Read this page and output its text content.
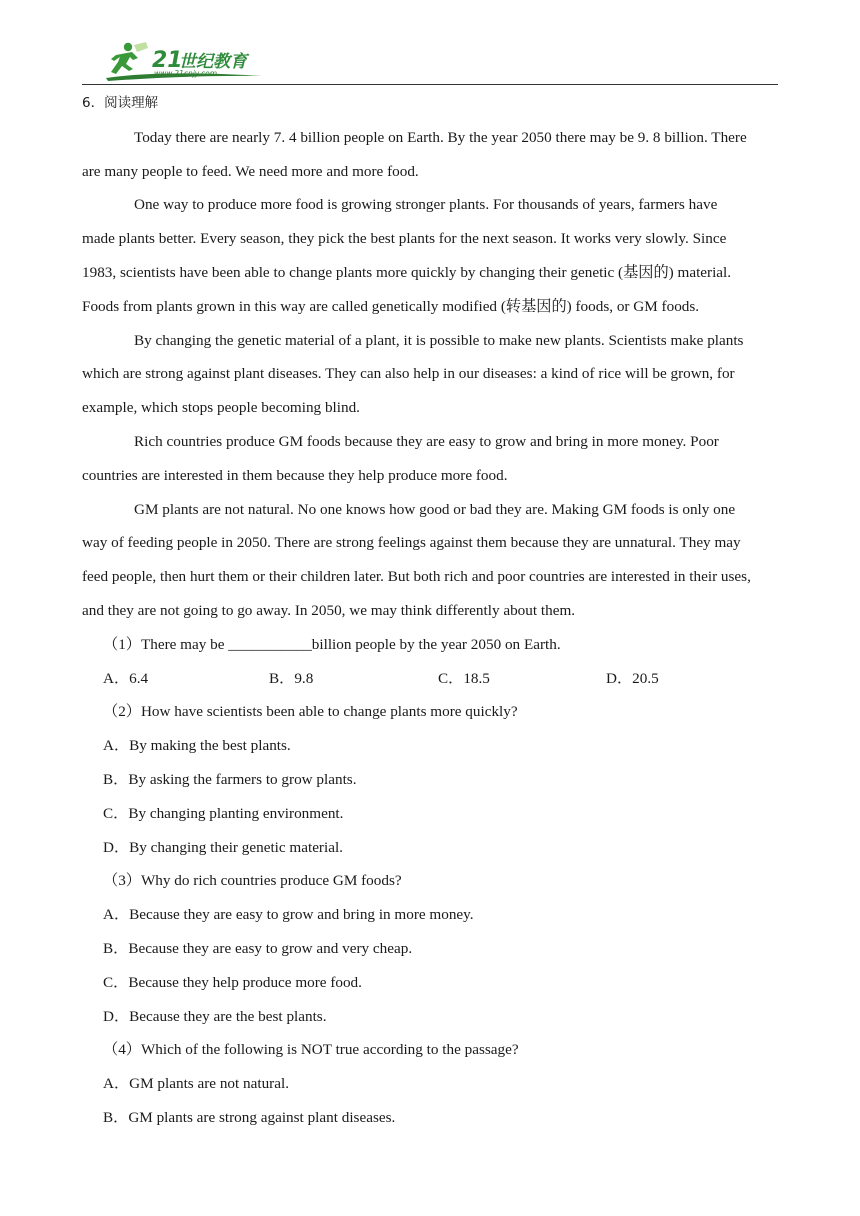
21
世纪教育
www.21cnjy.com
6．阅读理解
Today there are nearly 7. 4 billion people on Earth. By the year 2050 there may be 9. 8 billion. There
are many people to feed. We need more and more food.
One way to produce more food is growing stronger plants. For thousands of years, farmers have
made plants better. Every season, they pick the best plants for the next season. It works very slowly. Since
1983, scientists have been able to change plants more quickly by changing their genetic (基因的) material.
Foods from plants grown in this way are called genetically modified (转基因的) foods, or GM foods.
By changing the genetic material of a plant, it is possible to make new plants. Scientists make plants
which are strong against plant diseases. They can also help in our diseases: a kind of rice will be grown, for
example, which stops people becoming blind.
Rich countries produce GM foods because they are easy to grow and bring in more money. Poor
countries are interested in them because they help produce more food.
GM plants are not natural. No one knows how good or bad they are. Making GM foods is only one
way of feeding people in 2050. There are strong feelings against them because they are unnatural. They may
feed people, then hurt them or their children later. But both rich and poor countries are interested in their uses,
and they are not going to go away. In 2050, we may think differently about them.
（1）There may be ___________billion people by the year 2050 on Earth.
A．6.4	B．9.8	C．18.5	D．20.5
（2）How have scientists been able to change plants more quickly?
A．By making the best plants.
B．By asking the farmers to grow plants.
C．By changing planting environment.
D．By changing their genetic material.
（3）Why do rich countries produce GM foods?
A．Because they are easy to grow and bring in more money.
B．Because they are easy to grow and very cheap.
C．Because they help produce more food.
D．Because they are the best plants.
（4）Which of the following is NOT true according to the passage?
A．GM plants are not natural.
B．GM plants are strong against plant diseases.
